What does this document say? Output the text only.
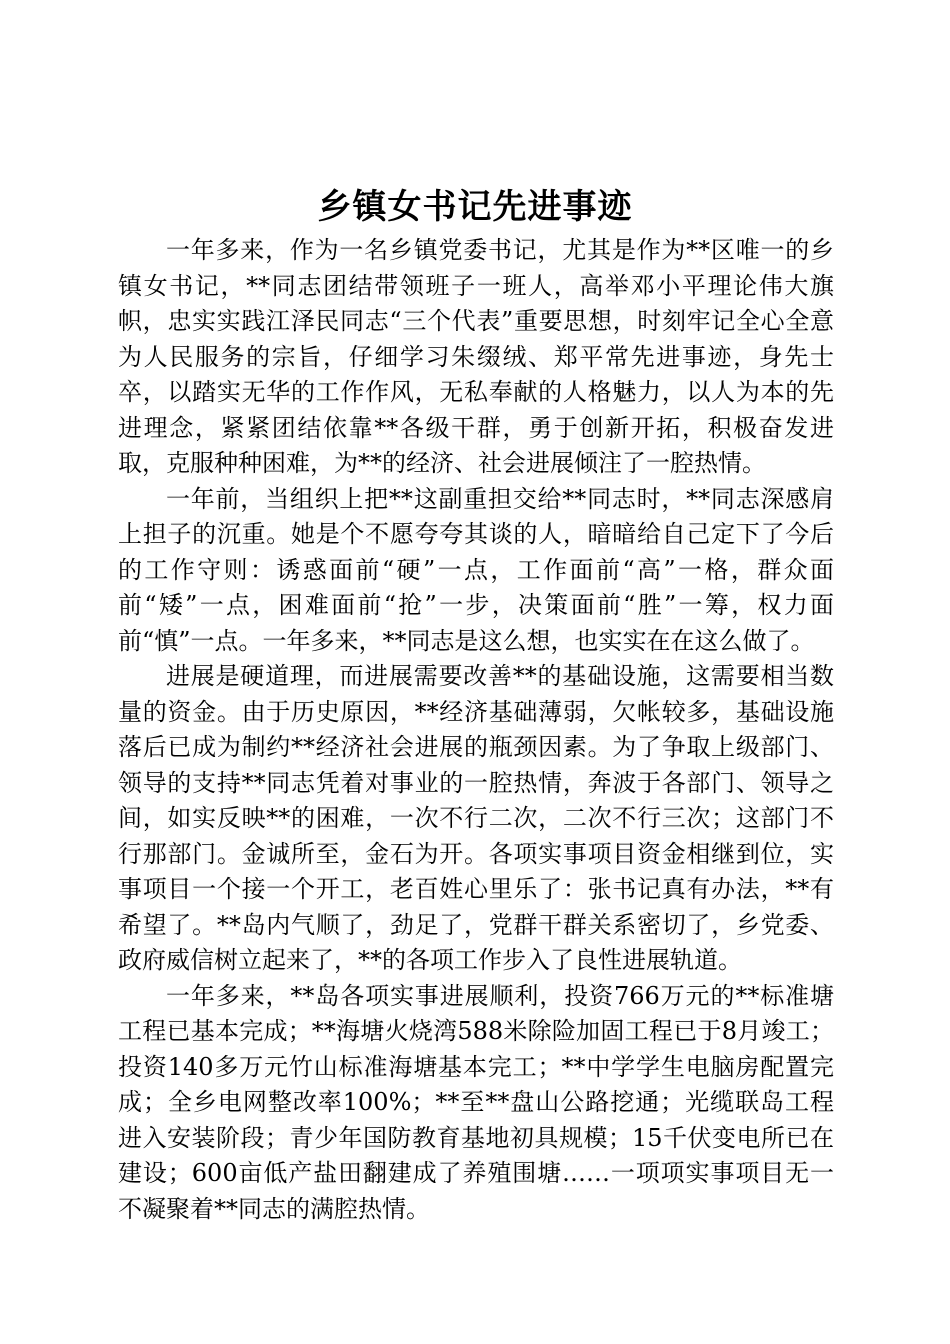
乡镇女书记先进事迹

一年多来，作为一名乡镇党委书记，尤其是作为**区唯一的乡镇女书记，**同志团结带领班子一班人，高举邓小平理论伟大旗帜，忠实实践江泽民同志“三个代表”重要思想，时刻牢记全心全意为人民服务的宗旨，仔细学习朱缀绒、郑平常先进事迹，身先士卒，以踏实无华的工作作风，无私奉献的人格魅力，以人为本的先进理念，紧紧团结依靠**各级干群，勇于创新开拓，积极奋发进取，克服种种困难，为**的经济、社会进展倾注了一腔热情。

一年前，当组织上把**这副重担交给**同志时，**同志深感肩上担子的沉重。她是个不愿夸夸其谈的人，暗暗给自己定下了今后的工作守则：诱惑面前“硬”一点，工作面前“高”一格，群众面前“矮”一点，困难面前“抢”一步，决策面前“胜”一筹，权力面前“慎”一点。一年多来，**同志是这么想，也实实在在这么做了。

进展是硬道理，而进展需要改善**的基础设施，这需要相当数量的资金。由于历史原因，**经济基础薄弱，欠帐较多，基础设施落后已成为制约**经济社会进展的瓶颈因素。为了争取上级部门、领导的支持**同志凭着对事业的一腔热情，奔波于各部门、领导之间，如实反映**的困难，一次不行二次，二次不行三次；这部门不行那部门。金诚所至，金石为开。各项实事项目资金相继到位，实事项目一个接一个开工，老百姓心里乐了：张书记真有办法，**有希望了。**岛内气顺了，劲足了，党群干群关系密切了，乡党委、政府威信树立起来了，**的各项工作步入了良性进展轨道。

一年多来，**岛各项实事进展顺利，投资766万元的**标准塘工程已基本完成；**海塘火烧湾588米除险加固工程已于8月竣工；投资140多万元竹山标准海塘基本完工；**中学学生电脑房配置完成；全乡电网整改率100%；**至**盘山公路挖通；光缆联岛工程进入安装阶段；青少年国防教育基地初具规模；15千伏变电所已在建设；600亩低产盐田翻建成了养殖围塘……一项项实事项目无一不凝聚着**同志的满腔热情。
